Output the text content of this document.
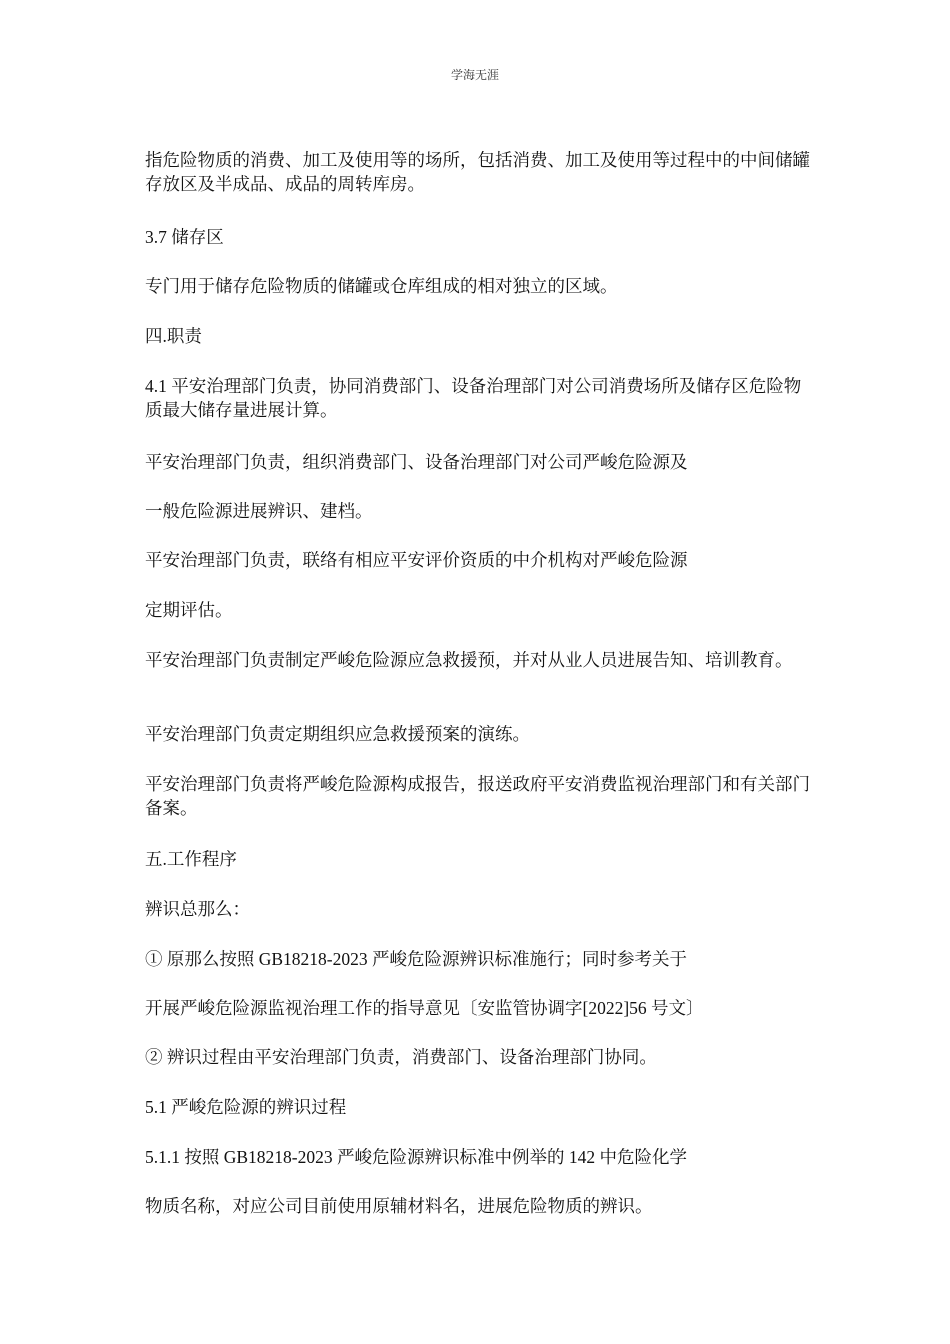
学海无涯
指危险物质的消费、加工及使用等的场所，包括消费、加工及使用等过程中的中间储罐存放区及半成品、成品的周转库房。
3.7 储存区
专门用于储存危险物质的储罐或仓库组成的相对独立的区域。
四.职责
4.1 平安治理部门负责，协同消费部门、设备治理部门对公司消费场所及储存区危险物质最大储存量进展计算。
平安治理部门负责，组织消费部门、设备治理部门对公司严峻危险源及
一般危险源进展辨识、建档。
平安治理部门负责，联络有相应平安评价资质的中介机构对严峻危险源
定期评估。
平安治理部门负责制定严峻危险源应急救援预，并对从业人员进展告知、培训教育。
平安治理部门负责定期组织应急救援预案的演练。
平安治理部门负责将严峻危险源构成报告，报送政府平安消费监视治理部门和有关部门备案。
五.工作程序
辨识总那么：
① 原那么按照 GB18218-2023 严峻危险源辨识标准施行；同时参考关于
开展严峻危险源监视治理工作的指导意见〔安监管协调字[2022]56 号文〕
② 辨识过程由平安治理部门负责，消费部门、设备治理部门协同。
5.1 严峻危险源的辨识过程
5.1.1 按照 GB18218-2023 严峻危险源辨识标准中例举的 142 中危险化学
物质名称，对应公司目前使用原辅材料名，进展危险物质的辨识。
